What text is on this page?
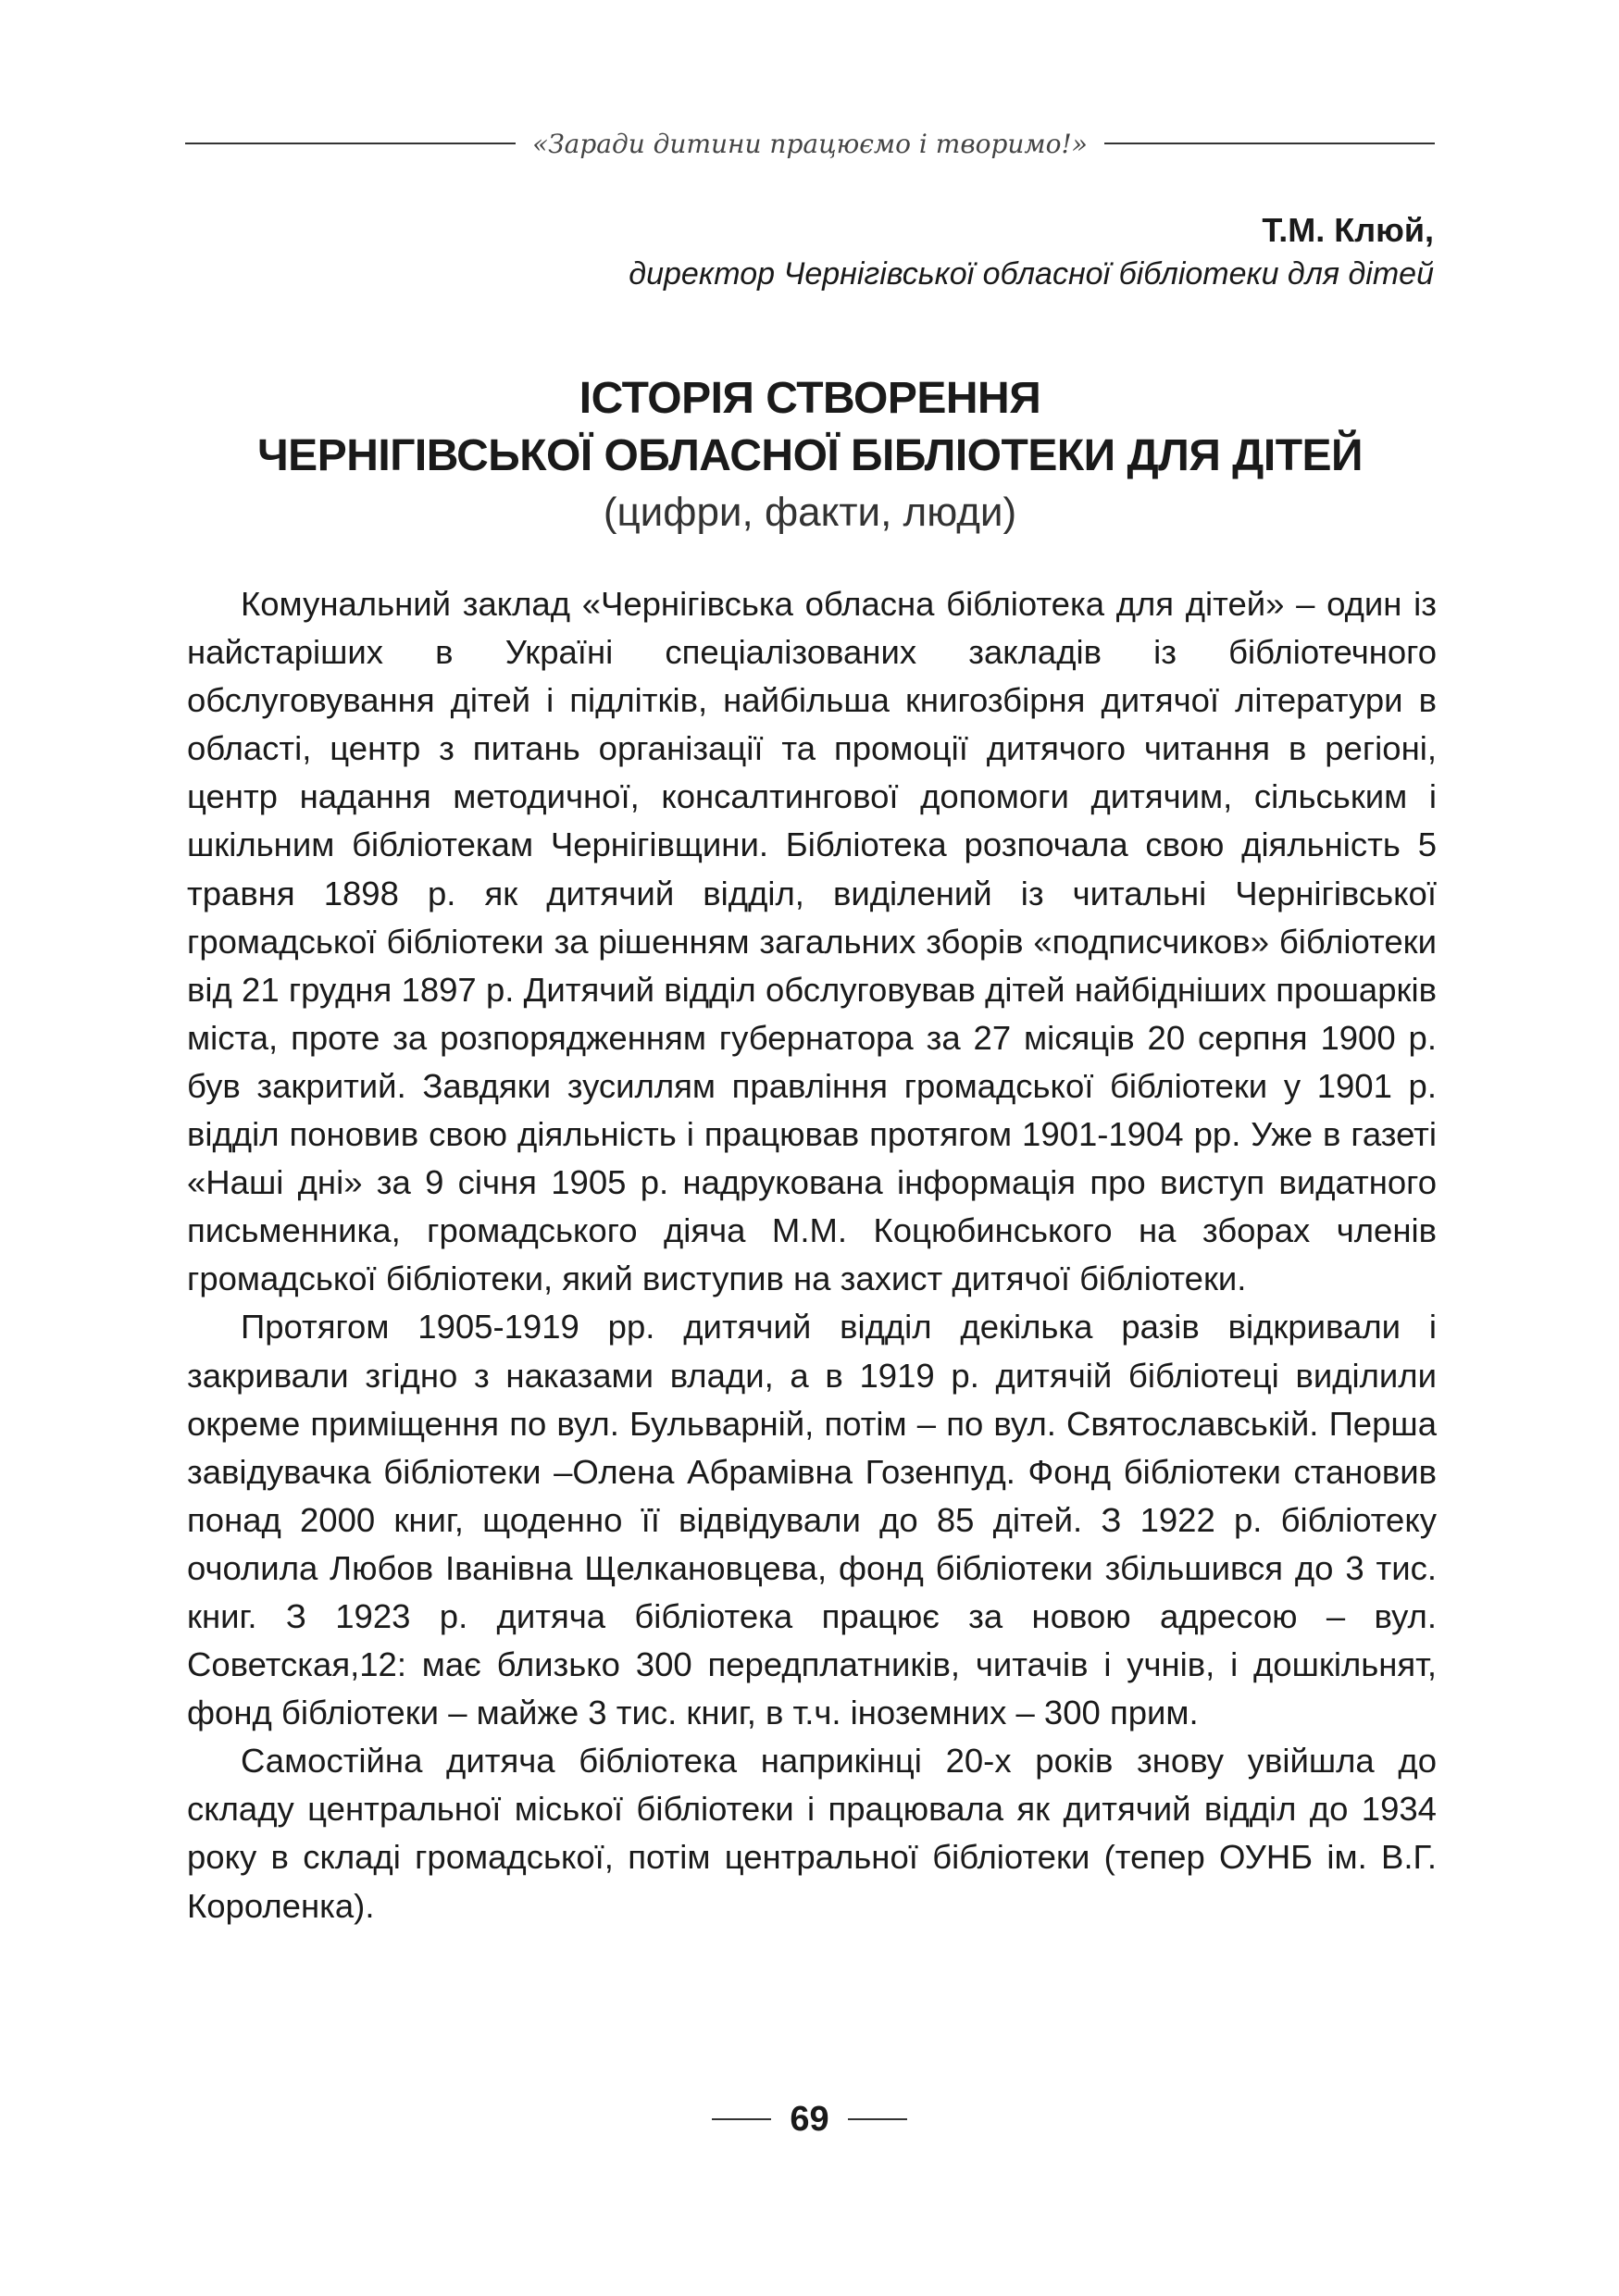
«Заради дитини працюємо і творимо!»
Т.М. Клюй,
директор Чернігівської обласної бібліотеки для дітей
ІСТОРІЯ СТВОРЕННЯ
ЧЕРНІГІВСЬКОЇ ОБЛАСНОЇ БІБЛІОТЕКИ ДЛЯ ДІТЕЙ
(цифри, факти, люди)

Комунальний заклад «Чернігівська обласна бібліотека для дітей» – один із найстаріших в Україні спеціалізованих закладів із бібліотечного обслуговування дітей і підлітків, найбільша книгозбірня дитячої літератури в області, центр з питань організації та промоції дитячого читання в регіоні, центр надання методичної, консалтингової допомоги дитячим, сільським і шкільним бібліотекам Чернігівщини. Бібліотека розпочала свою діяльність 5 травня 1898 р. як дитячий відділ, виділений із читальні Чернігівської громадської бібліотеки за рішенням загальних зборів «подписчиков» бібліотеки від 21 грудня 1897 р. Дитячий відділ обслуговував дітей найбідніших прошарків міста, проте за розпорядженням губернатора за 27 місяців 20 серпня 1900 р. був закритий. Завдяки зусиллям правління громадської бібліотеки у 1901 р. відділ поновив свою діяльність і працював протягом 1901-1904 рр. Уже в газеті «Наші дні» за 9 січня 1905 р. надрукована інформація про виступ видатного письменника, громадського діяча М.М. Коцюбинського на зборах членів громадської бібліотеки, який виступив на захист дитячої бібліотеки.

Протягом 1905-1919 рр. дитячий відділ декілька разів відкривали і закривали згідно з наказами влади, а в 1919 р. дитячій бібліотеці виділили окреме приміщення по вул. Бульварній, потім – по вул. Святославській. Перша завідувачка бібліотеки –Олена Абрамівна Гозенпуд. Фонд бібліотеки становив понад 2000 книг, щоденно її відвідували до 85 дітей. З 1922 р. бібліотеку очолила Любов Іванівна Щелкановцева, фонд бібліотеки збільшився до 3 тис. книг. З 1923 р. дитяча бібліотека працює за новою адресою – вул. Советская,12: має близько 300 передплатників, читачів і учнів, і дошкільнят, фонд бібліотеки – майже 3 тис. книг, в т.ч. іноземних – 300 прим.

Самостійна дитяча бібліотека наприкінці 20-х років знову увійшла до складу центральної міської бібліотеки і працювала як дитячий відділ до 1934 року в складі громадської, потім центральної бібліотеки (тепер ОУНБ ім. В.Г. Короленка).

69
